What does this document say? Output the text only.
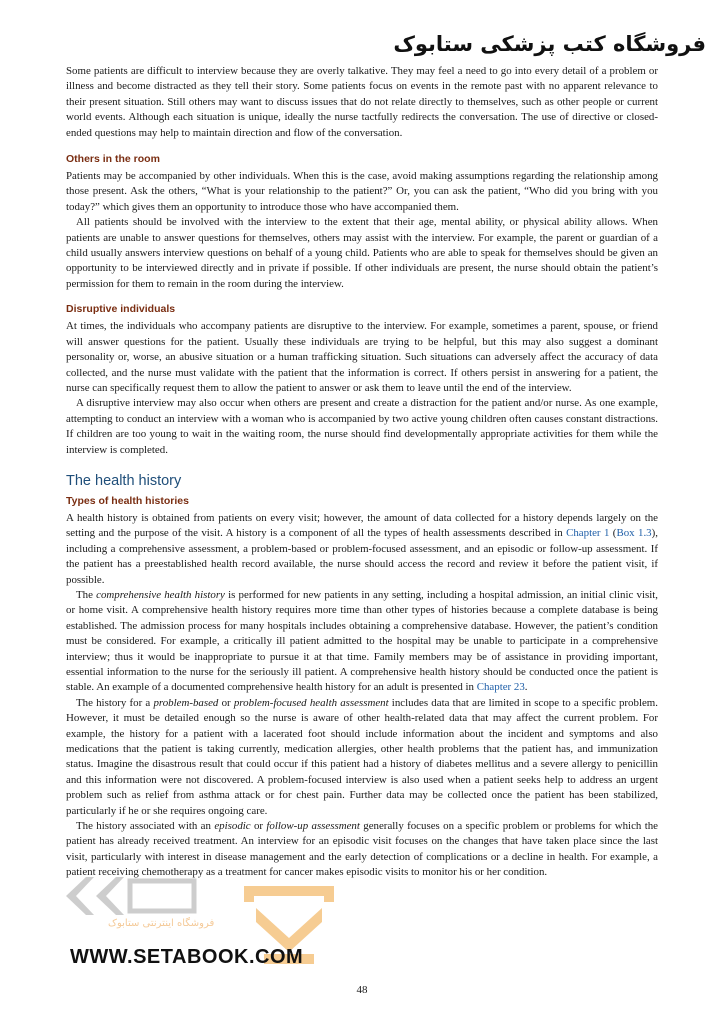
فروشگاه کتب پزشکی ستابوک

Some patients are difficult to interview because they are overly talkative. They may feel a need to go into every detail of a problem or illness and become distracted as they tell their story. Some patients focus on events in the remote past with no apparent relevance to their present situation. Still others may want to discuss issues that do not relate directly to themselves, such as other people or current world events. Although each situation is unique, ideally the nurse tactfully redirects the conversation. The use of directive or closed-ended questions may help to maintain direction and flow of the conversation.

Others in the room

Patients may be accompanied by other individuals. When this is the case, avoid making assumptions regarding the relationship among those present. Ask the others, “What is your relationship to the patient?” Or, you can ask the patient, “Who did you bring with you today?” which gives them an opportunity to introduce those who have accompanied them.

All patients should be involved with the interview to the extent that their age, mental ability, or physical ability allows. When patients are unable to answer questions for themselves, others may assist with the interview. For example, the parent or guardian of a child usually answers interview questions on behalf of a young child. Patients who are able to speak for themselves should be given an opportunity to be interviewed directly and in private if possible. If other individuals are present, the nurse should obtain the patient’s permission for them to remain in the room during the interview.

Disruptive individuals

At times, the individuals who accompany patients are disruptive to the interview. For example, sometimes a parent, spouse, or friend will answer questions for the patient. Usually these individuals are trying to be helpful, but this may also suggest a dominant personality or, worse, an abusive situation or a human trafficking situation. Such situations can adversely affect the accuracy of data collected, and the nurse must validate with the patient that the information is correct. If others persist in answering for a patient, the nurse can specifically request them to allow the patient to answer or ask them to leave until the end of the interview.

A disruptive interview may also occur when others are present and create a distraction for the patient and/or nurse. As one example, attempting to conduct an interview with a woman who is accompanied by two active young children often causes constant distractions. If children are too young to wait in the waiting room, the nurse should find developmentally appropriate activities for them while the interview is completed.

The health history
Types of health histories

A health history is obtained from patients on every visit; however, the amount of data collected for a history depends largely on the setting and the purpose of the visit. A history is a component of all the types of health assessments described in Chapter 1 (Box 1.3), including a comprehensive assessment, a problem-based or problem-focused assessment, and an episodic or follow-up assessment. If the patient has a preestablished health record available, the nurse should access the record and review it before the patient visit, if possible.

The comprehensive health history is performed for new patients in any setting, including a hospital admission, an initial clinic visit, or home visit. A comprehensive health history requires more time than other types of histories because a complete database is being established. The admission process for many hospitals includes obtaining a comprehensive database. However, the patient’s condition must be considered. For example, a critically ill patient admitted to the hospital may be unable to participate in a comprehensive interview; thus it would be inappropriate to pursue it at that time. Family members may be of assistance in providing important, essential information to the nurse for the seriously ill patient. A comprehensive health history should be conducted once the patient is stable. An example of a documented comprehensive health history for an adult is presented in Chapter 23.

The history for a problem-based or problem-focused health assessment includes data that are limited in scope to a specific problem. However, it must be detailed enough so the nurse is aware of other health-related data that may affect the current problem. For example, the history for a patient with a lacerated foot should include information about the incident and symptoms and also medications that the patient is taking currently, medication allergies, other health problems that the patient has, and immunization status. Imagine the disastrous result that could occur if this patient had a history of diabetes mellitus and a severe allergy to penicillin and this information were not discovered. A problem-focused interview is also used when a patient seeks help to address an urgent problem such as relief from asthma attack or for chest pain. Further data may be collected once the patient has been stabilized, particularly if he or she requires ongoing care.

The history associated with an episodic or follow-up assessment generally focuses on a specific problem or problems for which the patient has already received treatment. An interview for an episodic visit focuses on the changes that have taken place since the last visit, particularly with interest in disease management and the early detection of complications or a decline in health. For example, a patient receiving chemotherapy as a treatment for cancer makes episodic visits to monitor his or her condition.

فروشگاه اینترنتی ستابوک
WWW.SETABOOK.COM
48
